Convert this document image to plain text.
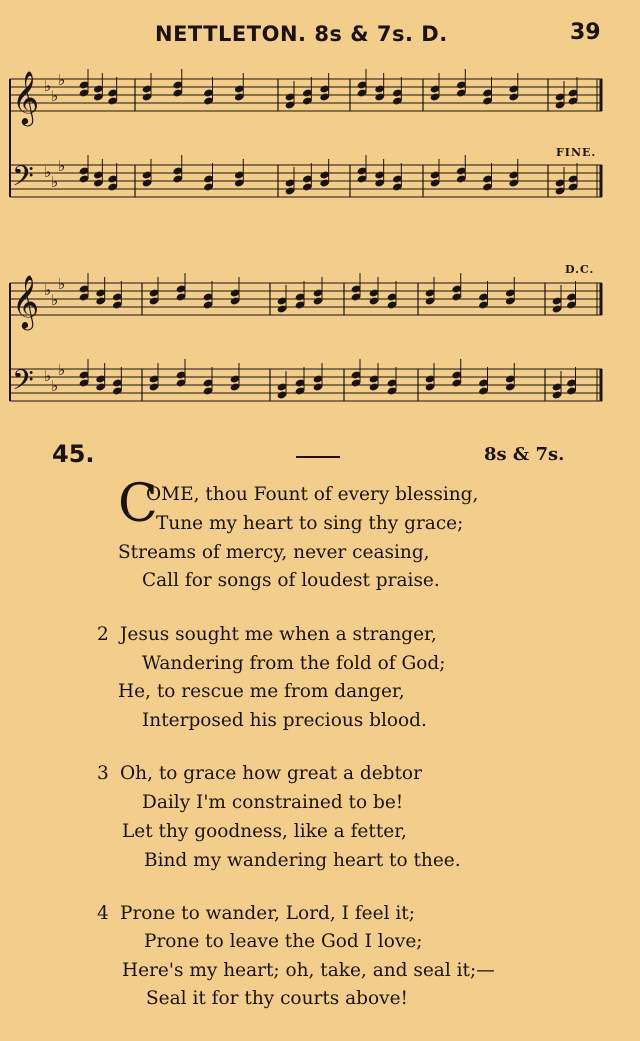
NETTLETON. 8s & 7s. D.	39
𝄞 ♭
♭
♭
𝄢 ♭
♭
♭
𝄞 ♭
♭
♭
𝄢 ♭
♭
♭
FINE.
D.C.
45.	8s & 7s.
C
OME, thou Fount of every blessing,
Tune my heart to sing thy grace;
Streams of mercy, never ceasing,
Call for songs of loudest praise.
2 Jesus sought me when a stranger,
Wandering from the fold of God;
He, to rescue me from danger,
Interposed his precious blood.
3 Oh, to grace how great a debtor
Daily I'm constrained to be!
Let thy goodness, like a fetter,
Bind my wandering heart to thee.
4 Prone to wander, Lord, I feel it;
Prone to leave the God I love;
Here's my heart; oh, take, and seal it;—
Seal it for thy courts above!
